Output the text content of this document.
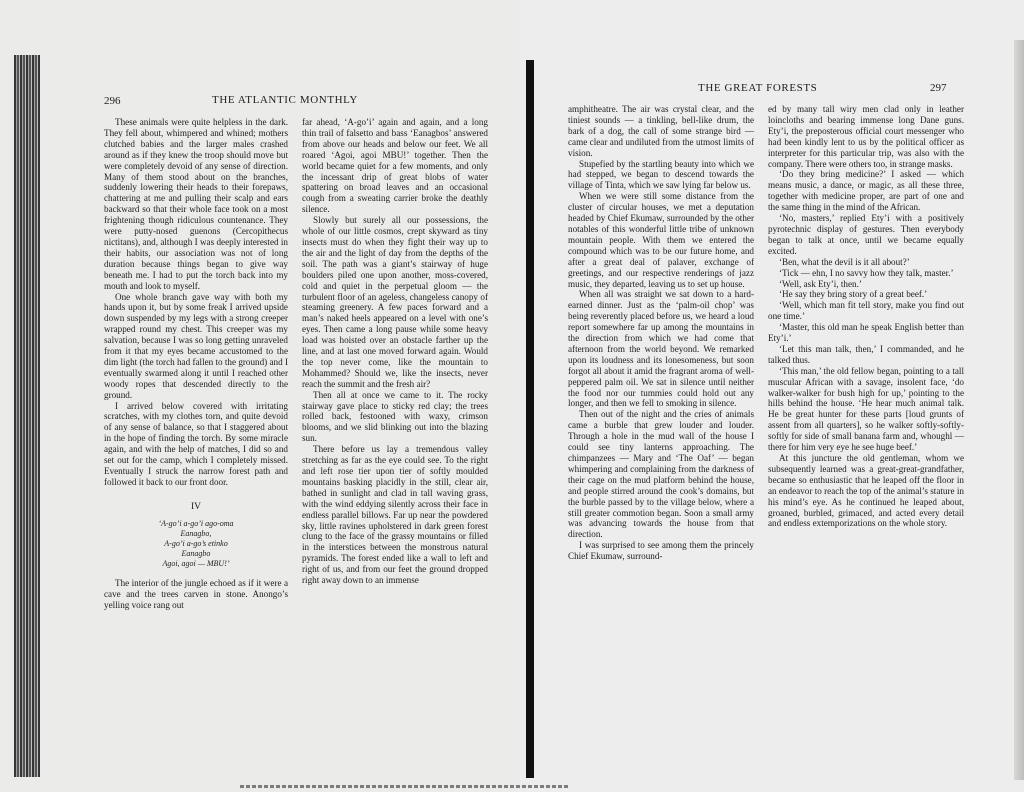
296	THE ATLANTIC MONTHLY
297
THE GREAT FORESTS

These animals were quite helpless in the dark. They fell about, whimpered and whined; mothers clutched babies and the larger males crashed around as if they knew the troop should move but were completely devoid of any sense of direction. Many of them stood about on the branches, suddenly lowering their heads to their forepaws, chattering at me and pulling their scalp and ears backward so that their whole face took on a most frightening though ridiculous countenance. They were putty-nosed guenons (Cercopithecus nictitans), and, although I was deeply interested in their habits, our association was not of long duration because things began to give way beneath me. I had to put the torch back into my mouth and look to myself.

One whole branch gave way with both my hands upon it, but by some freak I arrived upside down suspended by my legs with a strong creeper wrapped round my chest. This creeper was my salvation, because I was so long getting unraveled from it that my eyes became accustomed to the dim light (the torch had fallen to the ground) and I eventually swarmed along it until I reached other woody ropes that descended directly to the ground.

I arrived below covered with irritating scratches, with my clothes torn, and quite devoid of any sense of balance, so that I staggered about in the hope of finding the torch. By some miracle again, and with the help of matches, I did so and set out for the camp, which I completely missed. Eventually I struck the narrow forest path and followed it back to our front door.

IV
‘A-go’i a-go’i ago-oma
Eanagbo,
A-go’i a-go’s etinko
Eanagbo
Agoi, agoi — MBU!’

The interior of the jungle echoed as if it were a cave and the trees carven in stone. Anongo’s yelling voice rang out

far ahead, ‘A-go’i’ again and again, and a long thin trail of falsetto and bass ‘Eanagbos’ answered from above our heads and below our feet. We all roared ‘Agoi, agoi MBU!’ together. Then the world became quiet for a few moments, and only the incessant drip of great blobs of water spattering on broad leaves and an occasional cough from a sweating carrier broke the deathly silence.

Slowly but surely all our possessions, the whole of our little cosmos, crept skyward as tiny insects must do when they fight their way up to the air and the light of day from the depths of the soil. The path was a giant’s stairway of huge boulders piled one upon another, moss-covered, cold and quiet in the perpetual gloom — the turbulent floor of an ageless, changeless canopy of steaming greenery. A few paces forward and a man’s naked heels appeared on a level with one’s eyes. Then came a long pause while some heavy load was hoisted over an obstacle farther up the line, and at last one moved forward again. Would the top never come, like the mountain to Mohammed? Should we, like the insects, never reach the summit and the fresh air?

Then all at once we came to it. The rocky stairway gave place to sticky red clay; the trees rolled back, festooned with waxy, crimson blooms, and we slid blinking out into the blazing sun.

There before us lay a tremendous valley stretching as far as the eye could see. To the right and left rose tier upon tier of softly moulded mountains basking placidly in the still, clear air, bathed in sunlight and clad in tall waving grass, with the wind eddying silently across their face in endless parallel billows. Far up near the powdered sky, little ravines upholstered in dark green forest clung to the face of the grassy mountains or filled in the interstices between the monstrous natural pyramids. The forest ended like a wall to left and right of us, and from our feet the ground dropped right away down to an immense

amphitheatre. The air was crystal clear, and the tiniest sounds — a tinkling, bell-like drum, the bark of a dog, the call of some strange bird — came clear and undiluted from the utmost limits of vision.

Stupefied by the startling beauty into which we had stepped, we began to descend towards the village of Tinta, which we saw lying far below us.

When we were still some distance from the cluster of circular houses, we met a deputation headed by Chief Ekumaw, surrounded by the other notables of this wonderful little tribe of unknown mountain people. With them we entered the compound which was to be our future home, and after a great deal of palaver, exchange of greetings, and our respective renderings of jazz music, they departed, leaving us to set up house.

When all was straight we sat down to a hard-earned dinner. Just as the ‘palm-oil chop’ was being reverently placed before us, we heard a loud report somewhere far up among the mountains in the direction from which we had come that afternoon from the world beyond. We remarked upon its loudness and its lonesomeness, but soon forgot all about it amid the fragrant aroma of well-peppered palm oil. We sat in silence until neither the food nor our tummies could hold out any longer, and then we fell to smoking in silence.

Then out of the night and the cries of animals came a burble that grew louder and louder. Through a hole in the mud wall of the house I could see tiny lanterns approaching. The chimpanzees — Mary and ‘The Oaf’ — began whimpering and complaining from the darkness of their cage on the mud platform behind the house, and people stirred around the cook’s domains, but the burble passed by to the village below, where a still greater commotion began. Soon a small army was advancing towards the house from that direction.

I was surprised to see among them the princely Chief Ekumaw, surround-

ed by many tall wiry men clad only in leather loincloths and bearing immense long Dane guns. Ety’i, the preposterous official court messenger who had been kindly lent to us by the political officer as interpreter for this particular trip, was also with the company. There were others too, in strange masks.

‘Do they bring medicine?’ I asked — which means music, a dance, or magic, as all these three, together with medicine proper, are part of one and the same thing in the mind of the African.

‘No, masters,’ replied Ety’i with a positively pyrotechnic display of gestures. Then everybody began to talk at once, until we became equally excited.

‘Ben, what the devil is it all about?’

‘Tick — ehn, I no savvy how they talk, master.’

‘Well, ask Ety’i, then.’

‘He say they bring story of a great beef.’

‘Well, which man fit tell story, make you find out one time.’

‘Master, this old man he speak English better than Ety’i.’

‘Let this man talk, then,’ I commanded, and he talked thus.

‘This man,’ the old fellow began, pointing to a tall muscular African with a savage, insolent face, ‘do walker-walker for bush high for up,’ pointing to the hills behind the house. ‘He hear much animal talk. He be great hunter for these parts [loud grunts of assent from all quarters], so he walker softly-softly-softly for side of small banana farm and, whoughl — there for him very eye he see huge beef.’

At this juncture the old gentleman, whom we subsequently learned was a great-great-grandfather, became so enthusiastic that he leaped off the floor in an endeavor to reach the top of the animal’s stature in his mind’s eye. As he continued he leaped about, groaned, burbled, grimaced, and acted every detail and endless extemporizations on the whole story.
